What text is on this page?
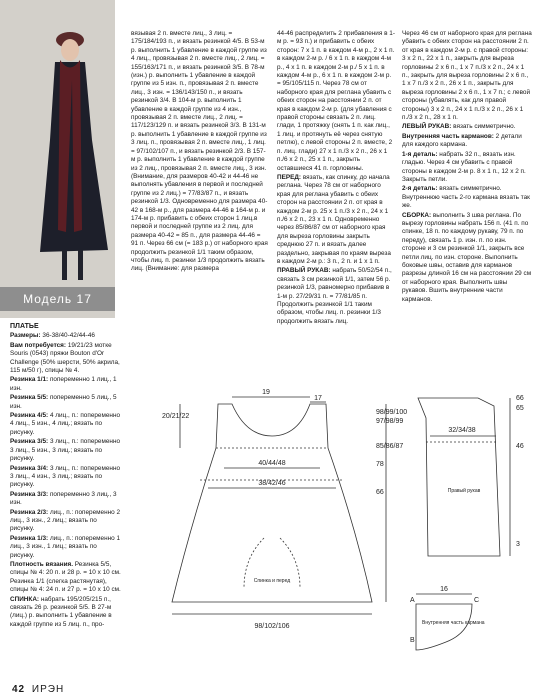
Модель 17

ПЛАТЬЕ

Размеры: 36-38/40-42/44-46

Вам потребуется: 19/21/23 мотке Souris (0543) пряжи Bouton d'Or Challenge (50% шерсти, 50% акрила, 115 м/50 г), спицы № 4.

Резинка 1/1: попеременно 1 лиц., 1 изн.

Резинка 5/5: попеременно 5 лиц., 5 изн.

Резинка 4/5: 4 лиц., п.: попеременно 4 лиц., 5 изн., 4 лиц.; вязать по рисунку.

Резинка 3/5: 3 лиц., п.: попеременно 3 лиц., 5 изн., 3 лиц.; вязать по рисунку.

Резинка 3/4: 3 лиц., п.: попеременно 3 лиц., 4 изн., 3 лиц.; вязать по рисунку.

Резинка 3/3: попеременно 3 лиц., 3 изн.

Резинка 2/3: лиц., п.: попеременно 2 лиц., 3 изн., 2 лиц.; вязать по рисунку.

Резинка 1/3: лиц., п.: попеременно 1 лиц., 3 изн., 1 лиц.; вязать по рисунку.

Плотность вязания. Резинка 5/5, спицы № 4: 20 п. и 28 р. = 10 х 10 см. Резинка 1/1 (слегка растянутая), спицы № 4: 24 п. и 27 р. = 10 х 10 см.

СПИНКА: набрать 195/205/215 п., связать 26 р. резинкой 5/5. В 27-м (лиц.) р. выполнить 1 убавление в каждой группе из 5 лиц. п., про-

вязывая 2 п. вместе лиц., 3 лиц. = 175/184/193 п., и вязать резинкой 4/5. В 53-м р. выполнить 1 убавление в каждой группе из 4 лиц., провязывая 2 п. вместе лиц., 2 лиц. = 155/163/171 п., и вязать резинкой 3/5. В 78-м (изн.) р. выполнить 1 убавление в каждой группе из 5 изн. п., провязывая 2 п. вместе лиц., 3 изн. = 136/143/150 п., и вязать резинкой 3/4. В 104-м р. выполнить 1 убавление в каждой группе из 4 изн., провязывая 2 п. вместе лиц., 2 лиц. = 117/123/129 п. и вязать резинкой 3/3. В 131-м р. выполнить 1 убавление в каждой группе из 3 лиц. п., провязывая 2 п. вместе лиц., 1 лиц. = 97/102/107 п., и вязать резинкой 2/3. В 157-м р. выполнить 1 убавление в каждой группе из 2 лиц., провязывая 2 п. вместе лиц., 3 изн. (Внимание, для размеров 40-42 и 44-46 не выполнять убавления в первой и последней группе из 2 лиц.) = 77/83/87 п., и вязать резинкой 1/3. Одновременно для размера 40-42 в 168-м р., для размера 44-46 в 164-м р. и 174-м р. прибавить с обеих сторон 1 лиц.в первой и последней группе из 2 лиц. для размера 40-42 = 85 п., для размера 44-46 = 91 п. Через 66 см (= 183 р.) от наборного края продолжить резинкой 1/1 таким образом, чтобы лиц. п. резинки 1/3 продолжить вязать лиц. (Внимание: для размера

44-46 распределить 2 прибавления в 1-м р. = 93 п.) и прибавить с обеих сторон: 7 х 1 п. в каждом 4-м р., 2 х 1 п. в каждом 2-м р. / 6 х 1 п. в каждом 4-м р., 4 х 1 п. в каждом 2-м р./ 5 х 1 п. в каждом 4-м р., 6 х 1 п. в каждом 2-м р. = 95/105/115 п. Через 78 см от наборного края для реглана убавить с обеих сторон на расстоянии 2 п. от края в каждом 2-м р. (для убавления с правой стороны связать 2 п. лиц. глади, 1 протяжку (снять 1 п. как лиц., 1 лиц. и протянуть её через снятую петлю), с левой стороны 2 п. вместе, 2 п. лиц. глади) 27 х 1 п./3 х 2 п., 26 х 1 п./6 х 2 п., 25 х 1 п., закрыть оставшиеся 41 п. горловины.

ПЕРЕД: вязать, как спинку, до начала реглана. Через 78 см от наборного края для реглана убавить с обеих сторон на расстоянии 2 п. от края в каждом 2-м р. 25 х 1 п./3 х 2 п., 24 х 1 п./6 х 2 п., 23 х 1 п. Одновременно через 85/86/87 см от наборного края для выреза горловины закрыть среднюю 27 п. и вязать далее раздельно, закрывая по краям выреза в каждом 2-м р.: 3 п., 2 п. и 1 х 1 п.

ПРАВЫЙ РУКАВ: набрать 50/52/54 п., связать 3 см резинкой 1/1, затем 56 р. резинкой 1/3, равномерно прибавив в 1-м р. 27/29/31 п. = 77/81/85 п. Продолжить резинкой 1/1 таким образом, чтобы лиц. п. резинки 1/3 продолжить вязать лиц.

Через 46 см от наборного края для реглана убавить с обеих сторон на расстоянии 2 п. от края в каждом 2-м р. с правой стороны: 3 х 2 п., 22 х 1 п., закрыть для выреза горловины 2 х 6 п., 1 х 7 п./3 х 2 п., 24 х 1 п., закрыть для выреза горловины 2 х 6 п., 1 х 7 п./3 х 2 п., 26 х 1 п., закрыть для выреза горловины 2 х 6 п., 1 х 7 п.; с левой стороны (убавлять, как для правой стороны) 3 х 2 п., 24 х 1 п./3 х 2 п., 26 х 1 п./3 х 2 п., 28 х 1 п.

ЛЕВЫЙ РУКАВ: вязать симметрично.

Внутренняя часть карманов: 2 детали для каждого кармана.

1-я деталь: набрать 32 п., вязать изн. гладью. Через 4 см убавить с правой стороны в каждом 2-м р. 8 х 1 п., 12 х 2 п. Закрыть петли.

2-я деталь: вязать симметрично. Внутреннюю часть 2-го кармана вязать так же.

СБОРКА: выполнить 3 шва реглана. По вырезу горловины набрать 156 п. (41 п. по спинке, 18 п. по каждому рукаву, 79 п. по переду), связать 1 р. изн. п. по изн. стороне и 3 см резинкой 1/1, закрыть все петли лиц. по изн. стороне. Выполнить боковые швы, оставив для карманов разрезы длиной 16 см на расстоянии 29 см от наборного края. Выполнить швы рукавов. Вшить внутренние части карманов.

19
17
20/21/22
40/44/48
38/42/46
98/102/106
98/99/100
97/98/99
85/86/87
78
66
Спинка и перед
66
65
32/34/38
46
3
Правый рукав
16
A
B
C
Внутренняя часть кармана
42 ИРЭН
